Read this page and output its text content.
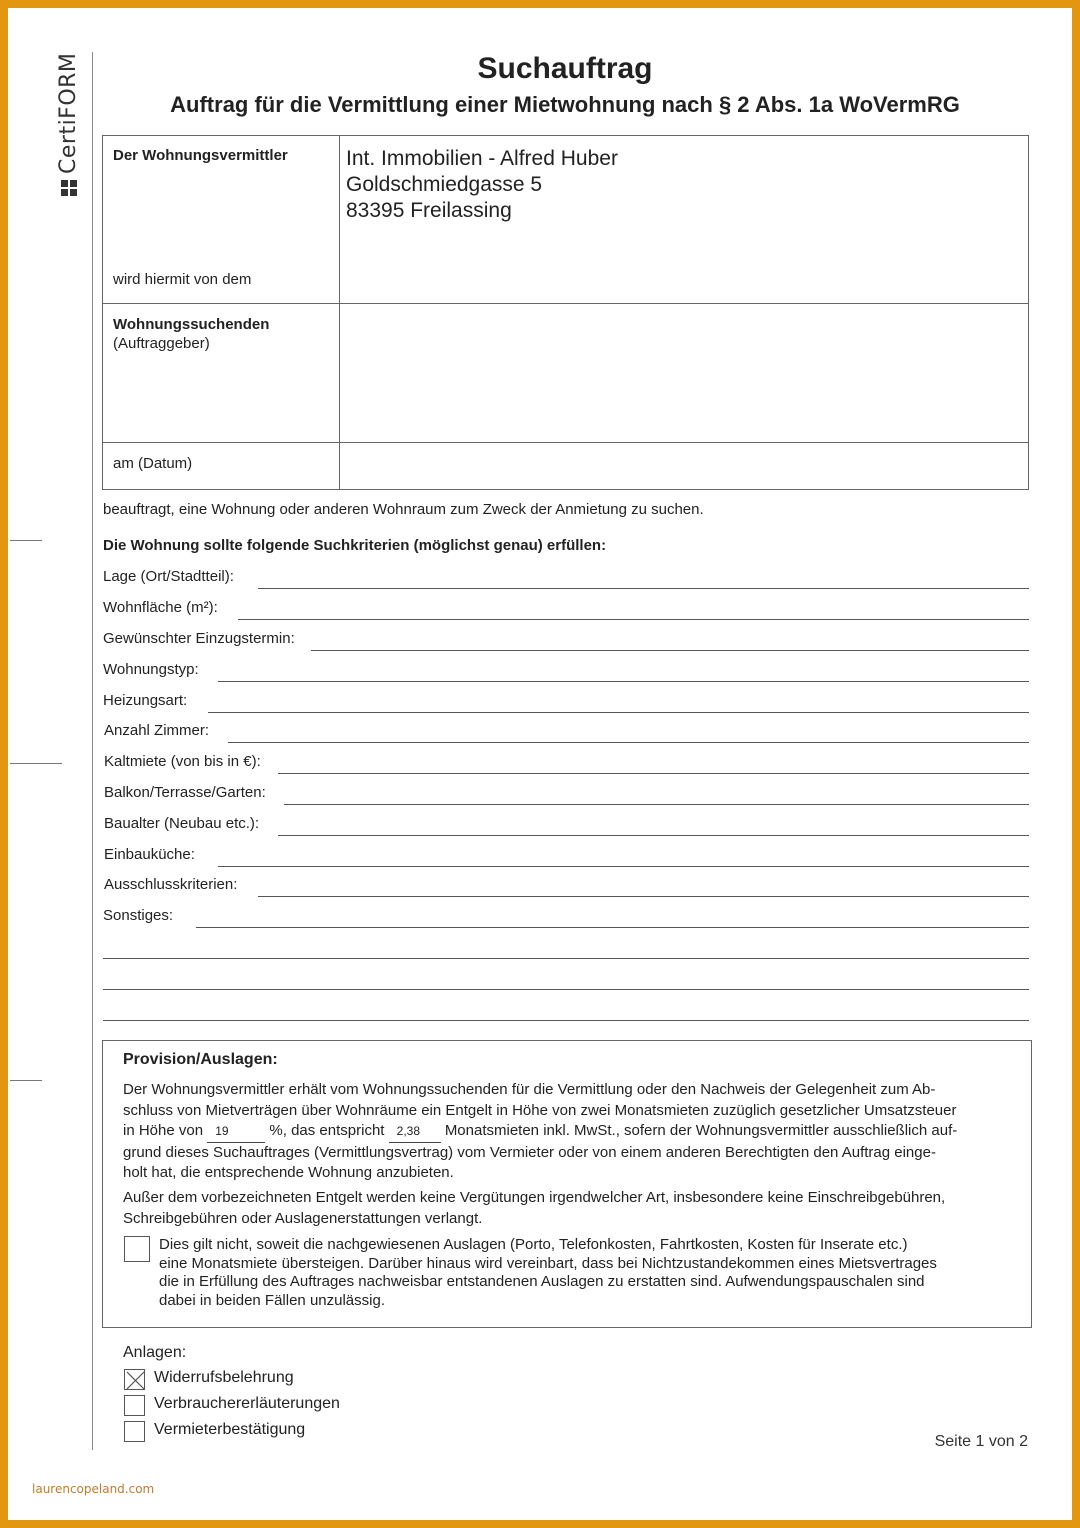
CertiFORM	Suchauftrag
Auftrag für die Vermittlung einer Mietwohnung nach § 2 Abs. 1a WoVermRG
Der Wohnungsvermittler
wird hiermit von dem
Int. Immobilien - Alfred Huber
Goldschmiedgasse 5
83395 Freilassing
Wohnungssuchenden
(Auftraggeber)
am (Datum)
beauftragt, eine Wohnung oder anderen Wohnraum zum Zweck der Anmietung zu suchen.
Die Wohnung sollte folgende Suchkriterien (möglichst genau) erfüllen:
Lage (Ort/Stadtteil):
Wohnfläche (m²):
Gewünschter Einzugstermin:
Wohnungstyp:
Heizungsart:
Anzahl Zimmer:
Kaltmiete (von bis in €):
Balkon/Terrasse/Garten:
Baualter (Neubau etc.):
Einbauküche:
Ausschlusskriterien:
Sonstiges:
Provision/Auslagen:
Der Wohnungsvermittler erhält vom Wohnungssuchenden für die Vermittlung oder den Nachweis der Gelegenheit zum Ab-
schluss von Mietverträgen über Wohnräume ein Entgelt in Höhe von zwei Monatsmieten zuzüglich gesetzlicher Umsatzsteuer
in Höhe von 19	%, das entspricht 2,38 Monatsmieten inkl. MwSt., sofern der Wohnungsvermittler ausschließlich auf-
grund dieses Suchauftrages (Vermittlungsvertrag) vom Vermieter oder von einem anderen Berechtigten den Auftrag einge-
holt hat, die entsprechende Wohnung anzubieten.
Außer dem vorbezeichneten Entgelt werden keine Vergütungen irgendwelcher Art, insbesondere keine Einschreibgebühren,
Schreibgebühren oder Auslagenerstattungen verlangt.
Dies gilt nicht, soweit die nachgewiesenen Auslagen (Porto, Telefonkosten, Fahrtkosten, Kosten für Inserate etc.)
eine Monatsmiete übersteigen. Darüber hinaus wird vereinbart, dass bei Nichtzustandekommen eines Mietsvertrages
die in Erfüllung des Auftrages nachweisbar entstandenen Auslagen zu erstatten sind. Aufwendungspauschalen sind
dabei in beiden Fällen unzulässig.
Anlagen:
Widerrufsbelehrung
Verbrauchererläuterungen
Vermieterbestätigung
Seite 1 von 2
laurencopeland.com
